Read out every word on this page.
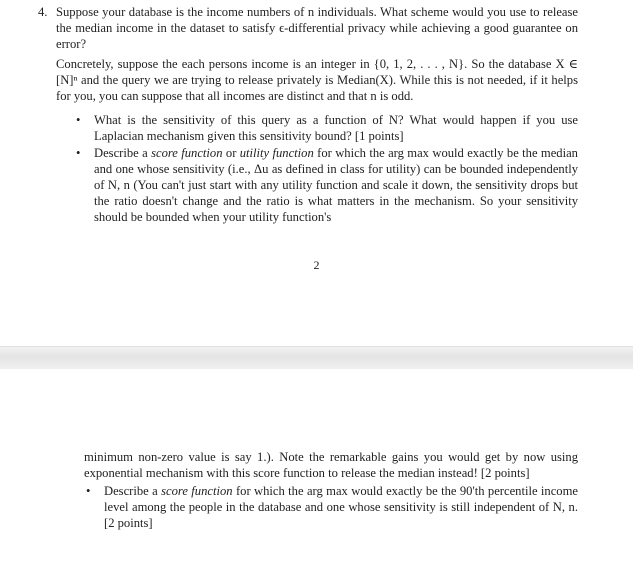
4. Suppose your database is the income numbers of n individuals. What scheme would you use to release the median income in the dataset to satisfy ϵ-differential privacy while achieving a good guarantee on error?
Concretely, suppose the each persons income is an integer in {0, 1, 2, . . . , N}. So the database X ∈ [N]ⁿ and the query we are trying to release privately is Median(X). While this is not needed, if it helps for you, you can suppose that all incomes are distinct and that n is odd.
• What is the sensitivity of this query as a function of N? What would happen if you use Laplacian mechanism given this sensitivity bound? [1 points]
• Describe a score function or utility function for which the arg max would exactly be the median and one whose sensitivity (i.e., Δu as defined in class for utility) can be bounded independently of N, n (You can't just start with any utility function and scale it down, the sensitivity drops but the ratio doesn't change and the ratio is what matters in the mechanism. So your sensitivity should be bounded when your utility function's
2
minimum non-zero value is say 1.). Note the remarkable gains you would get by now using exponential mechanism with this score function to release the median instead! [2 points]
• Describe a score function for which the arg max would exactly be the 90'th percentile income level among the people in the database and one whose sensitivity is still independent of N, n. [2 points]
